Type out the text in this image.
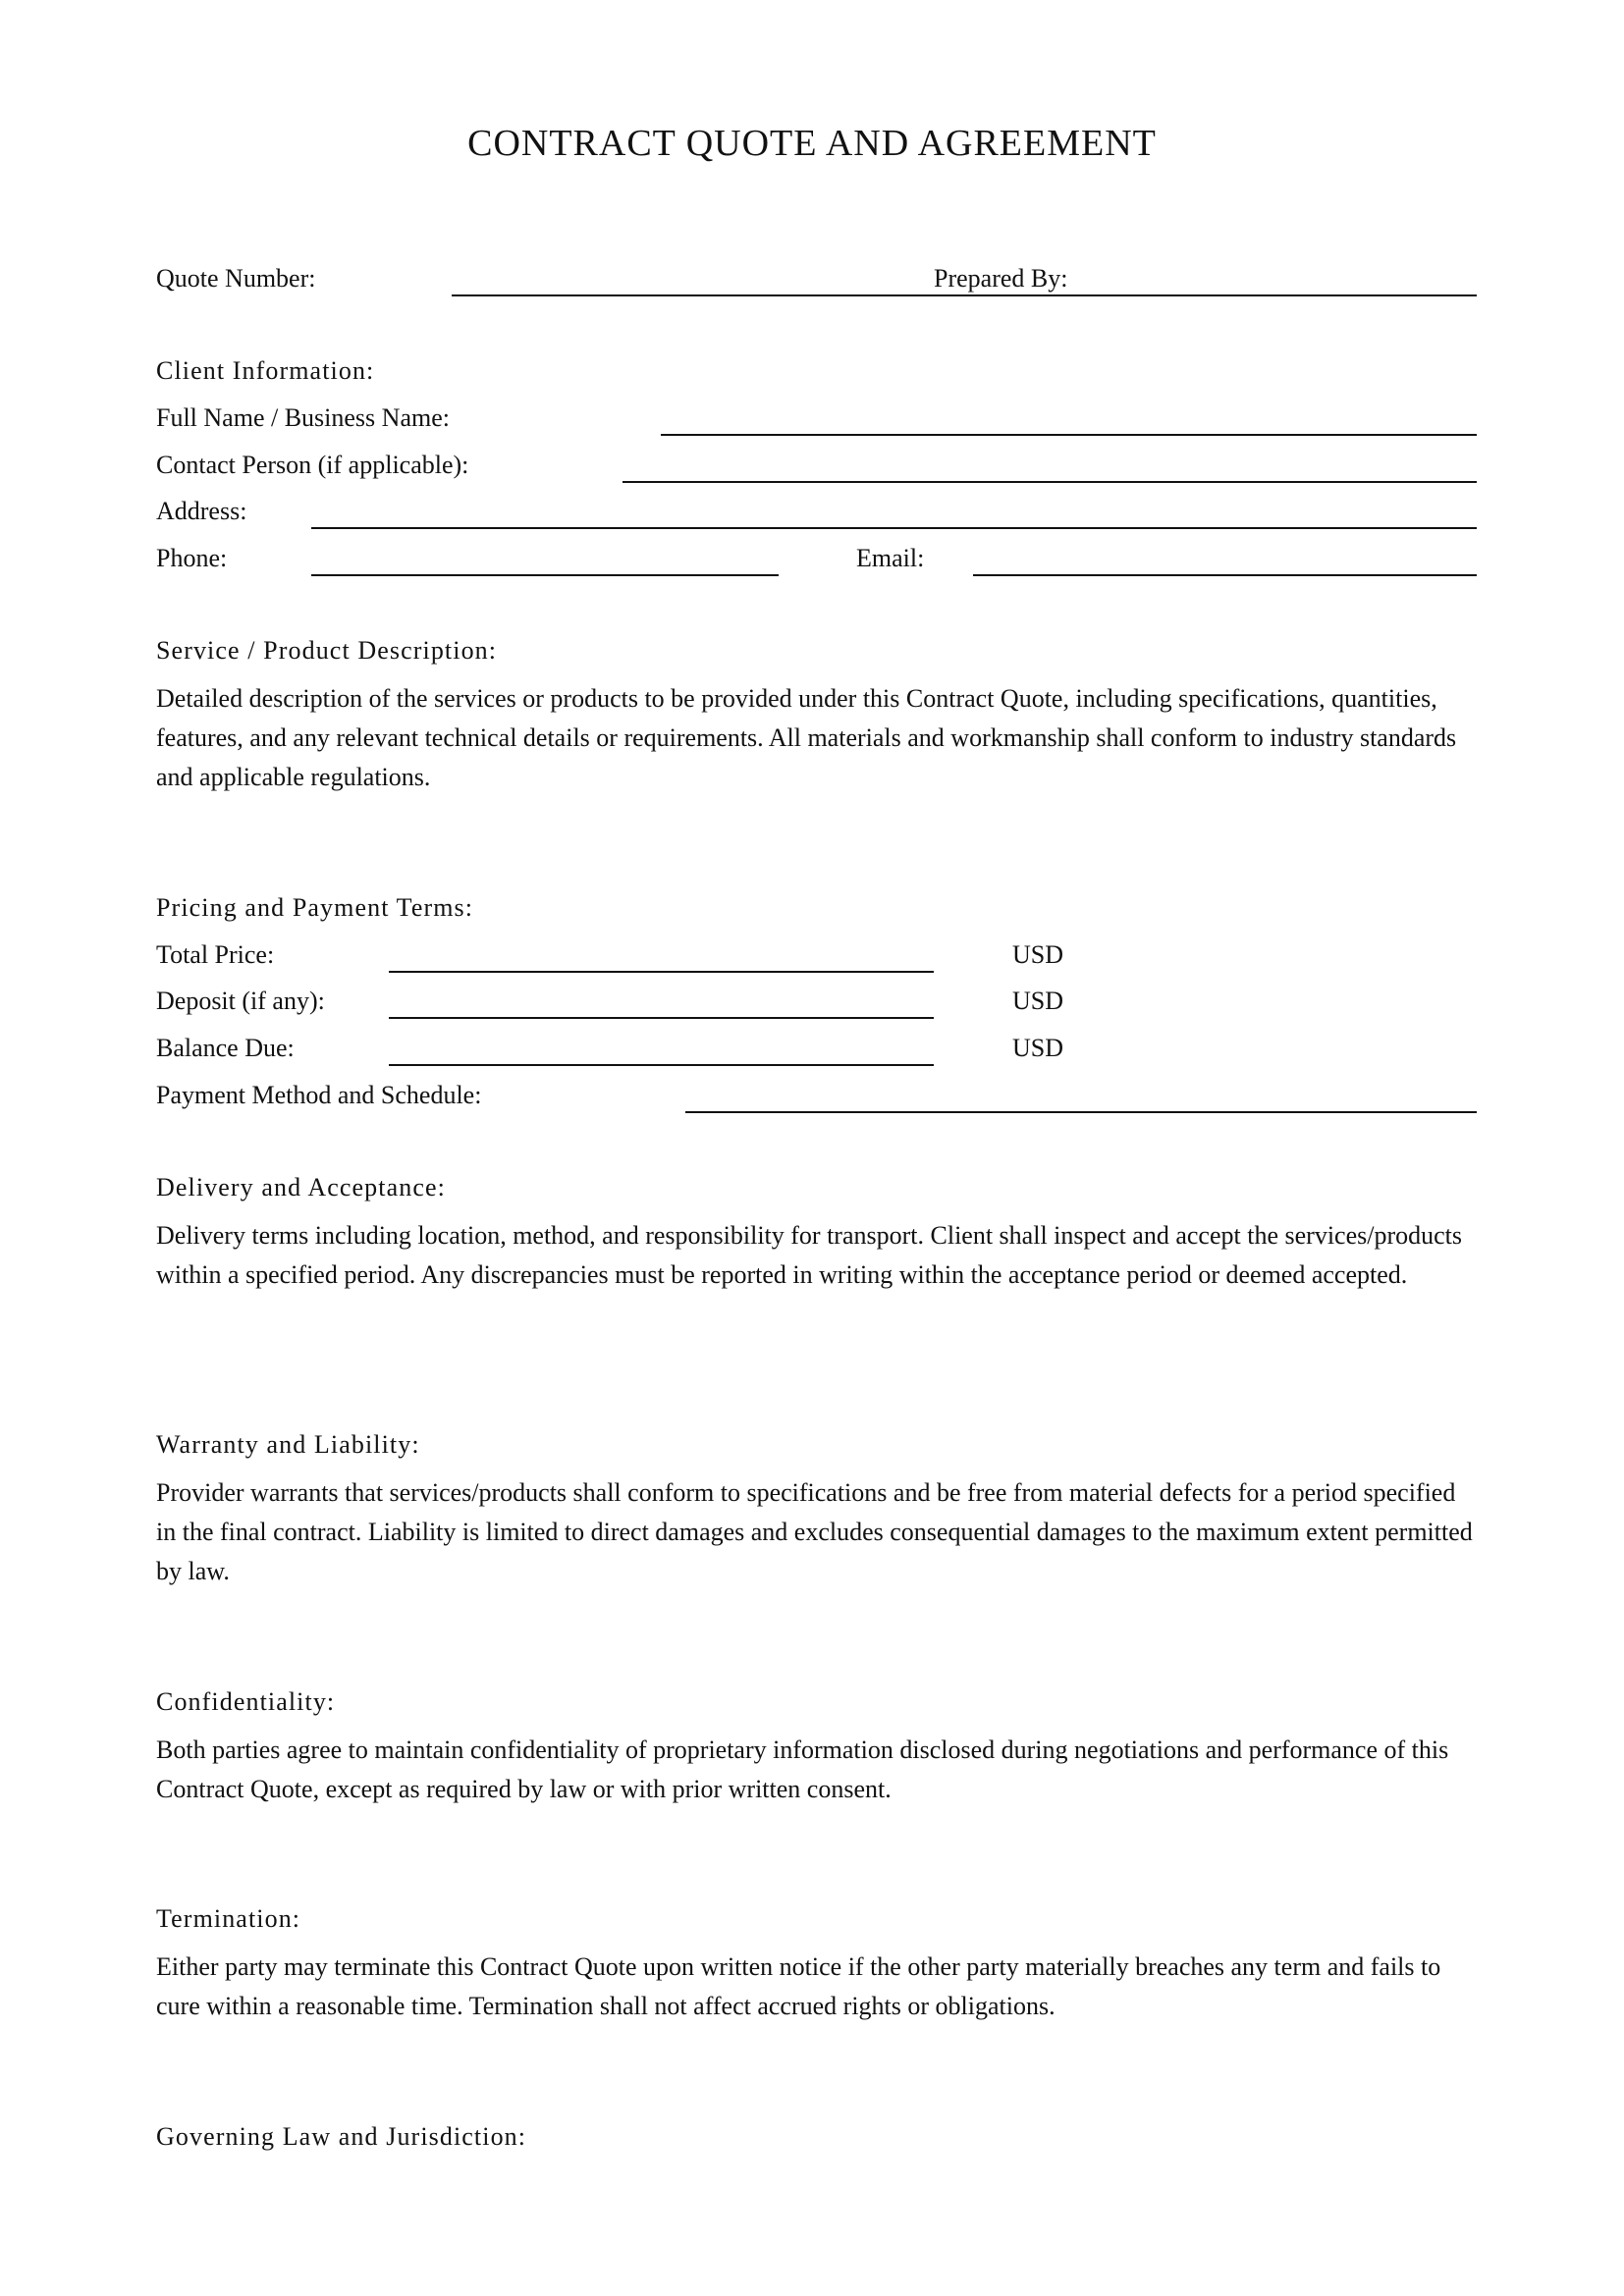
CONTRACT QUOTE AND AGREEMENT
Quote Number:	Prepared By:
Client Information:
Full Name / Business Name:
Contact Person (if applicable):
Address:
Phone:	Email:
Service / Product Description:
Detailed description of the services or products to be provided under this Contract Quote, including specifications, quantities, features, and any relevant technical details or requirements. All materials and workmanship shall conform to industry standards and applicable regulations.
Pricing and Payment Terms:
Total Price:	USD
Deposit (if any):	USD
Balance Due:	USD
Payment Method and Schedule:
Delivery and Acceptance:
Delivery terms including location, method, and responsibility for transport. Client shall inspect and accept the services/products within a specified period. Any discrepancies must be reported in writing within the acceptance period or deemed accepted.
Warranty and Liability:
Provider warrants that services/products shall conform to specifications and be free from material defects for a period specified in the final contract. Liability is limited to direct damages and excludes consequential damages to the maximum extent permitted by law.
Confidentiality:
Both parties agree to maintain confidentiality of proprietary information disclosed during negotiations and performance of this Contract Quote, except as required by law or with prior written consent.
Termination:
Either party may terminate this Contract Quote upon written notice if the other party materially breaches any term and fails to cure within a reasonable time. Termination shall not affect accrued rights or obligations.
Governing Law and Jurisdiction:
